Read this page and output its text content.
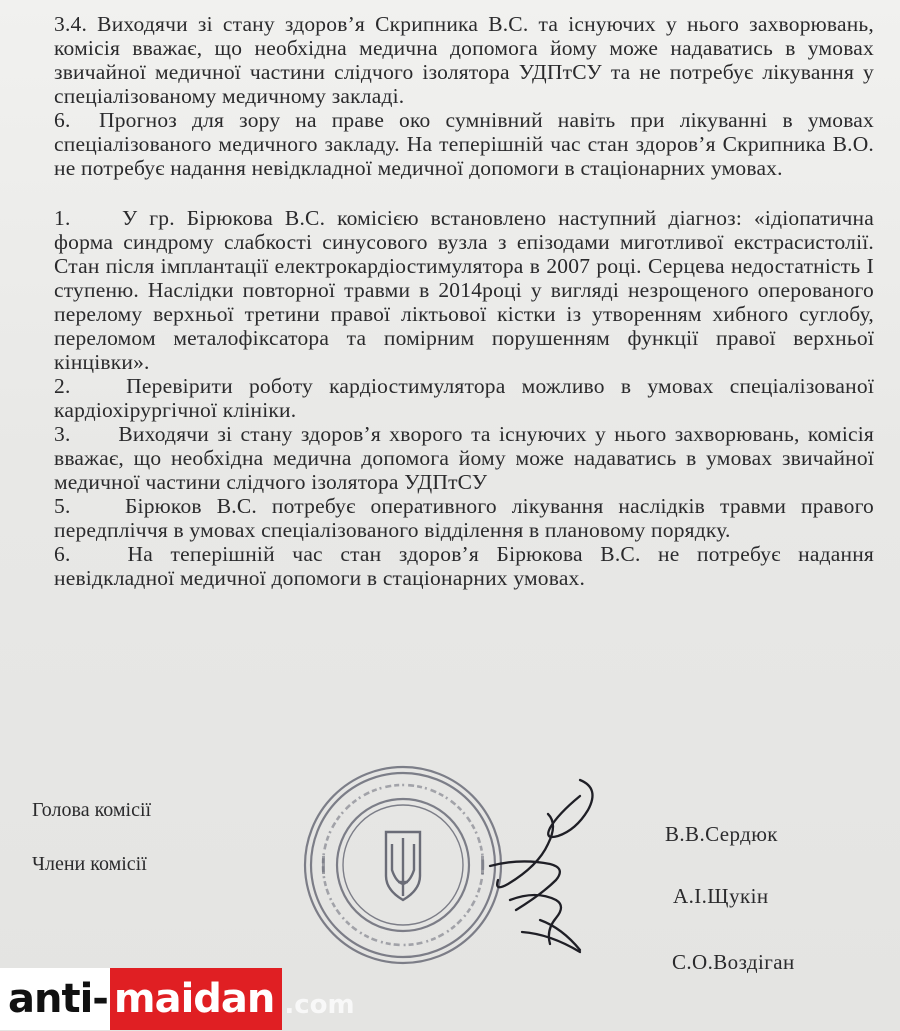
3.4. Виходячи зі стану здоров’я Скрипника В.С. та існуючих у нього захворювань, комісія вважає, що необхідна медична допомога йому може надаватись в умовах звичайної медичної частини слідчого ізолятора УДПтСУ та не потребує лікування у спеціалізованому медичному закладі.

6. Прогноз для зору на праве око сумнівний навіть при лікуванні в умовах спеціалізованого медичного закладу. На теперішній час стан здоров’я Скрипника В.О. не потребує надання невідкладної медичної допомоги в стаціонарних умовах.

1. У гр. Бірюкова В.С. комісією встановлено наступний діагноз: «ідіопатична форма синдрому слабкості синусового вузла з епізодами миготливої екстрасистолії. Стан після імплантації електрокардіостимулятора в 2007 році. Серцева недостатність I ступеню. Наслідки повторної травми в 2014році у вигляді незрощеного оперованого перелому верхньої третини правої ліктьової кістки із утворенням хибного суглобу, переломом металофіксатора та помірним порушенням функції правої верхньої кінцівки».

2.	Перевірити роботу кардіостимулятора можливо в умовах спеціалізованої кардіохірургічної клініки.

3. Виходячи зі стану здоров’я хворого та існуючих у нього захворювань, комісія вважає, що необхідна медична допомога йому може надаватись в умовах звичайної медичної частини слідчого ізолятора УДПтСУ

5.	Бірюков В.С. потребує оперативного лікування наслідків травми правого передпліччя в умовах спеціалізованого відділення в плановому порядку.

6.	На теперішній час стан здоров’я Бірюкова В.С. не потребує надання невідкладної медичної допомоги в стаціонарних умовах.

Голова комісії
Члени комісії
В.В.Сердюк
А.І.Щукін
С.О.Воздіган
anti- maidan .com
